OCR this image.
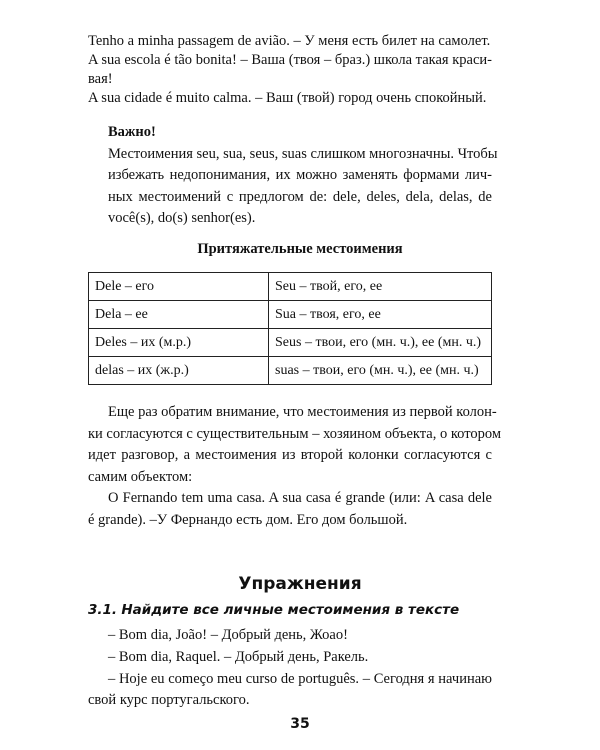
Tenho a minha passagem de avião. – У меня есть билет на самолет.
A sua escola é tão bonita! – Ваша (твоя – браз.) школа такая краси-
вая!
A sua cidade é muito calma. – Ваш (твой) город очень спокойный.
Важно!
Местоимения seu, sua, seus, suas слишком многозначны. Чтобы
избежать недопонимания, их можно заменять формами лич-
ных местоимений с предлогом de: dele, deles, dela, delas, de
você(s), do(s) senhor(es).
Притяжательные местоимения
Dele – его	Seu – твой, его, ее
Dela – ее	Sua – твоя, его, ее
Deles – их (м.р.)	Seus – твои, его (мн. ч.), ее (мн. ч.)
delas – их (ж.р.)	suas – твои, его (мн. ч.), ее (мн. ч.)
Еще раз обратим внимание, что местоимения из первой колон-
ки согласуются с существительным – хозяином объекта, о котором
идет разговор, а местоимения из второй колонки согласуются с
самим объектом:
O Fernando tem uma casa. A sua casa é grande (или: A casa dele
é grande). –У Фернандо есть дом. Его дом большой.
Упражнения
3.1. Найдите все личные местоимения в тексте
– Bom dia, João! – Добрый день, Жоао!
– Bom dia, Raquel. – Добрый день, Ракель.
– Hoje eu começo meu curso de português. – Сегодня я начинаю
свой курс португальского.
35
